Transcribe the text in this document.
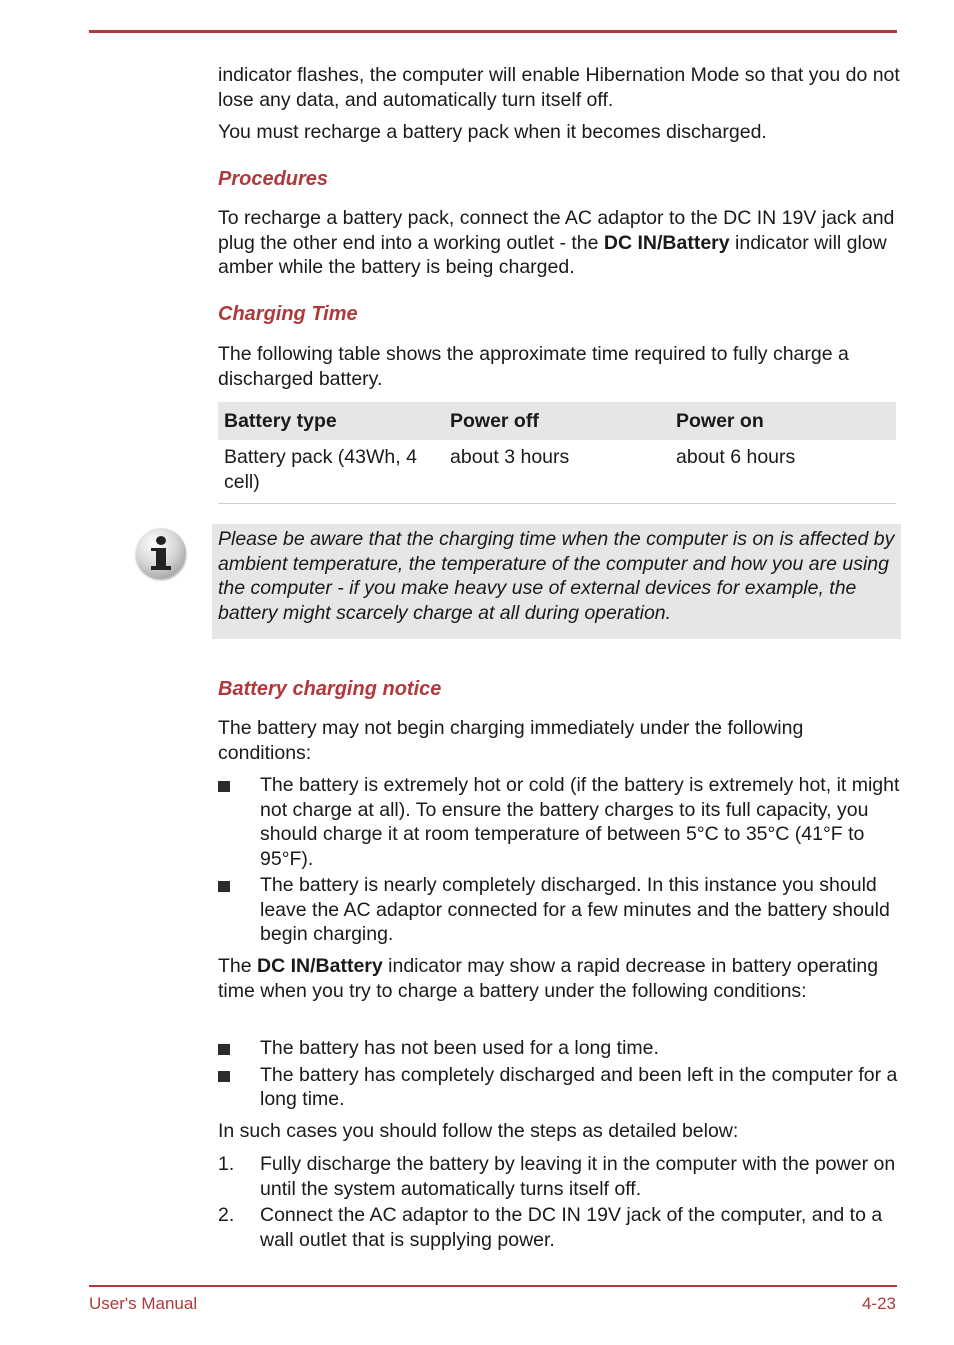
indicator flashes, the computer will enable Hibernation Mode so that you do not lose any data, and automatically turn itself off.

You must recharge a battery pack when it becomes discharged.

Procedures

To recharge a battery pack, connect the AC adaptor to the DC IN 19V jack and plug the other end into a working outlet - the DC IN/Battery indicator will glow amber while the battery is being charged.

Charging Time

The following table shows the approximate time required to fully charge a discharged battery.

Battery type	Power off	Power on
Battery pack (43Wh, 4 cell)	about 3 hours	about 6 hours
Battery charging notice

The battery may not begin charging immediately under the following conditions:

The battery is extremely hot or cold (if the battery is extremely hot, it might not charge at all). To ensure the battery charges to its full capacity, you should charge it at room temperature of between 5°C to 35°C (41°F to 95°F).
The battery is nearly completely discharged. In this instance you should leave the AC adaptor connected for a few minutes and the battery should begin charging.

The DC IN/Battery indicator may show a rapid decrease in battery operating time when you try to charge a battery under the following conditions:

The battery has not been used for a long time.
The battery has completely discharged and been left in the computer for a long time.

In such cases you should follow the steps as detailed below:

1. Fully discharge the battery by leaving it in the computer with the power on until the system automatically turns itself off.
2. Connect the AC adaptor to the DC IN 19V jack of the computer, and to a wall outlet that is supplying power.

Please be aware that the charging time when the computer is on is affected by ambient temperature, the temperature of the computer and how you are using the computer - if you make heavy use of external devices for example, the battery might scarcely charge at all during operation.

User's Manual	4-23
